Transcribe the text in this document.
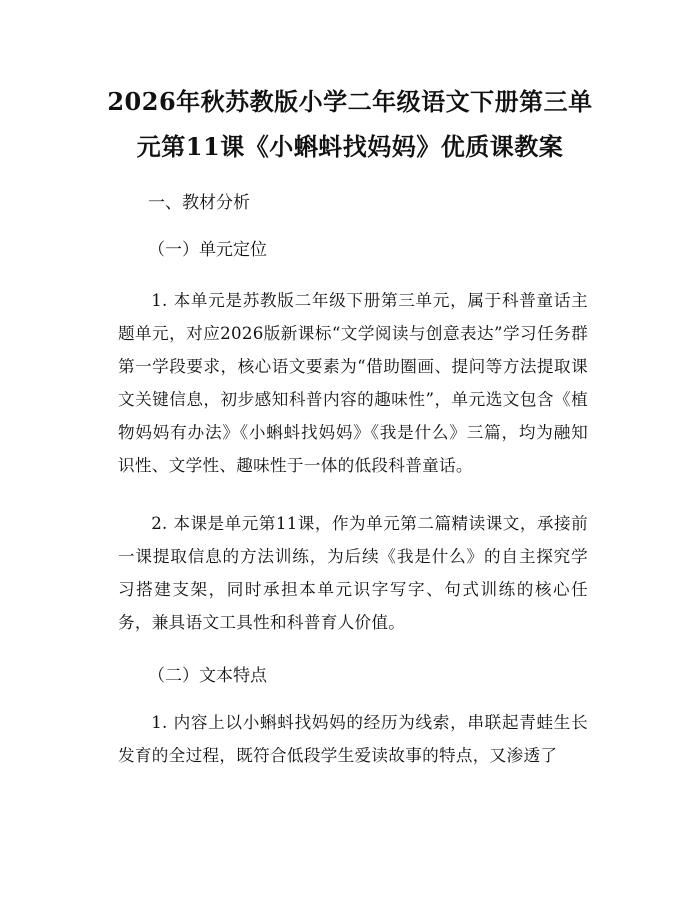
2026年秋苏教版小学二年级语文下册第三单
元第11课《小蝌蚪找妈妈》优质课教案
一、教材分析
（一）单元定位

1. 本单元是苏教版二年级下册第三单元，属于科普童话主题单元，对应2026版新课标“文学阅读与创意表达”学习任务群第一学段要求，核心语文要素为“借助圈画、提问等方法提取课文关键信息，初步感知科普内容的趣味性”，单元选文包含《植物妈妈有办法》《小蝌蚪找妈妈》《我是什么》三篇，均为融知识性、文学性、趣味性于一体的低段科普童话。

2. 本课是单元第11课，作为单元第二篇精读课文，承接前一课提取信息的方法训练，为后续《我是什么》的自主探究学习搭建支架，同时承担本单元识字写字、句式训练的核心任务，兼具语文工具性和科普育人价值。

（二）文本特点

1. 内容上以小蝌蚪找妈妈的经历为线索，串联起青蛙生长发育的全过程，既符合低段学生爱读故事的特点，又渗透了
